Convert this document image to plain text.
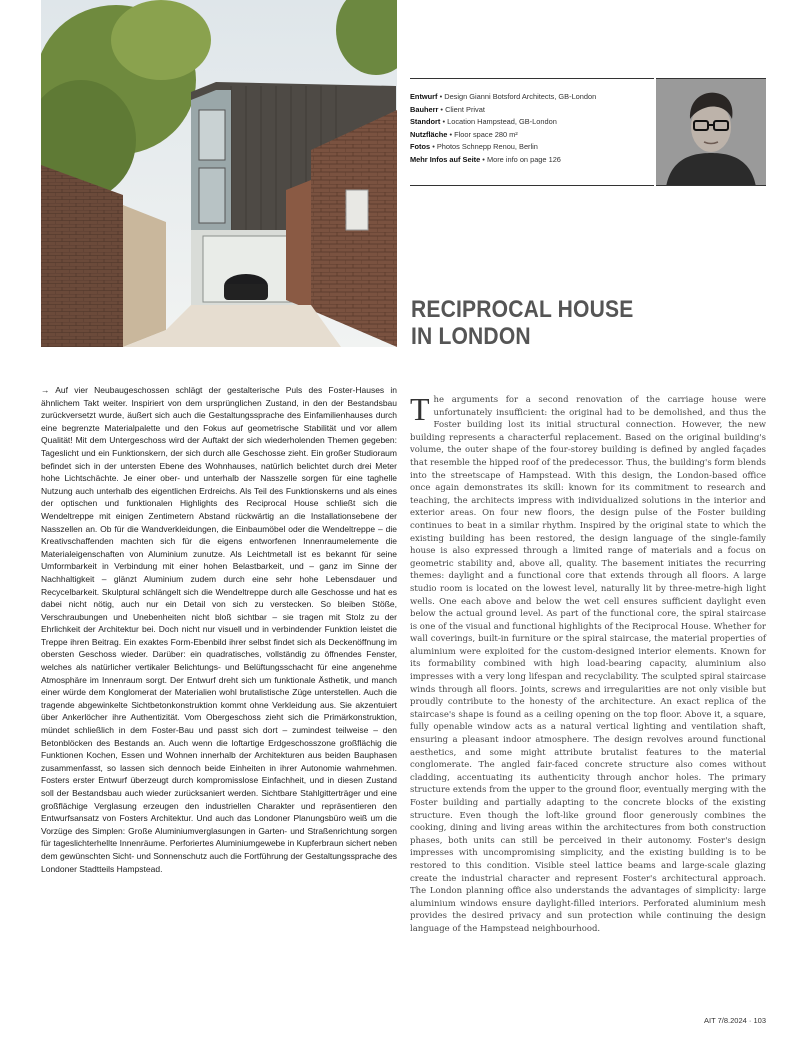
Entwurf • Design Gianni Botsford Architects, GB-London
Bauherr • Client Privat
Standort • Location Hampstead, GB-London
Nutzfläche • Floor space 280 m²
Fotos • Photos Schnepp Renou, Berlin
Mehr Infos auf Seite • More info on page 126
RECIPROCAL HOUSE
IN LONDON
→ Auf vier Neubaugeschossen schlägt der gestalterische Puls des Foster-Hauses in ähnlichem Takt weiter. Inspiriert von dem ursprünglichen Zustand, in den der Bestandsbau zurückversetzt wurde, äußert sich auch die Gestaltungssprache des Einfamilienhauses durch eine begrenzte Materialpalette und den Fokus auf geometrische Stabilität und vor allem Qualität! Mit dem Untergeschoss wird der Auftakt der sich wiederholenden Themen gegeben: Tageslicht und ein Funktionskern, der sich durch alle Geschosse zieht. Ein großer Studioraum befindet sich in der untersten Ebene des Wohnhauses, natürlich belichtet durch drei Meter hohe Lichtschächte. Je einer ober- und unterhalb der Nasszelle sorgen für eine taghelle Nutzung auch unterhalb des eigentlichen Erdreichs. Als Teil des Funktionskerns und als eines der optischen und funktionalen Highlights des Reciprocal House schließt sich die Wendeltreppe mit einigen Zentimetern Abstand rückwärtig an die Installationsebene der Nasszellen an. Ob für die Wandverkleidungen, die Einbaumöbel oder die Wendeltreppe – die Kreativschaffenden machten sich für die eigens entworfenen Innenraumelemente die Materialeigenschaften von Aluminium zunutze. Als Leichtmetall ist es bekannt für seine Umformbarkeit in Verbindung mit einer hohen Belastbarkeit, und – ganz im Sinne der Nachhaltigkeit – glänzt Aluminium zudem durch eine sehr hohe Lebensdauer und Recycelbarkeit. Skulptural schlängelt sich die Wendeltreppe durch alle Geschosse und hat es dabei nicht nötig, auch nur ein Detail von sich zu verstecken. So bleiben Stöße, Verschraubungen und Unebenheiten nicht bloß sichtbar – sie tragen mit Stolz zu der Ehrlichkeit der Architektur bei. Doch nicht nur visuell und in verbindender Funktion leistet die Treppe ihren Beitrag. Ein exaktes Form-Ebenbild ihrer selbst findet sich als Deckenöffnung im obersten Geschoss wieder. Darüber: ein quadratisches, vollständig zu öffnendes Fenster, welches als natürlicher vertikaler Belichtungs- und Belüftungsschacht für eine angenehme Atmosphäre im Innenraum sorgt. Der Entwurf dreht sich um funktionale Ästhetik, und manch einer würde dem Konglomerat der Materialien wohl brutalistische Züge unterstellen. Auch die tragende abgewinkelte Sichtbetonkonstruktion kommt ohne Verkleidung aus. Sie akzentuiert über Ankerlöcher ihre Authentizität. Vom Obergeschoss zieht sich die Primärkonstruktion, mündet schließlich in dem Foster-Bau und passt sich dort – zumindest teilweise – den Betonblöcken des Bestands an. Auch wenn die loftartige Erdgeschosszone großflächig die Funktionen Kochen, Essen und Wohnen innerhalb der Architekturen aus beiden Bauphasen zusammenfasst, so lassen sich dennoch beide Einheiten in ihrer Autonomie wahrnehmen. Fosters erster Entwurf überzeugt durch kompromisslose Einfachheit, und in diesen Zustand soll der Bestandsbau auch wieder zurücksaniert werden. Sichtbare Stahlgitterträger und eine großflächige Verglasung erzeugen den industriellen Charakter und repräsentieren den Entwurfsansatz von Fosters Architektur. Und auch das Londoner Planungsbüro weiß um die Vorzüge des Simplen: Große Aluminiumverglasungen in Garten- und Straßenrichtung sorgen für tageslichterhellte Innenräume. Perforiertes Aluminiumgewebe in Kupferbraun sichert neben dem gewünschten Sicht- und Sonnenschutz auch die Fortführung der Gestaltungssprache des Londoner Stadtteils Hampstead.
T he arguments for a second renovation of the carriage house were unfortunately insufficient: the original had to be demolished, and thus the Foster building lost its initial structural connection. However, the new building represents a characterful replacement. Based on the original building's volume, the outer shape of the four-storey building is defined by angled façades that resemble the hipped roof of the predecessor. Thus, the building's form blends into the streetscape of Hampstead. With this design, the London-based office once again demonstrates its skill: known for its commitment to research and teaching, the architects impress with individualized solutions in the interior and exterior areas. On four new floors, the design pulse of the Foster building continues to beat in a similar rhythm. Inspired by the original state to which the existing building has been restored, the design language of the single-family house is also expressed through a limited range of materials and a focus on geometric stability and, above all, quality. The basement initiates the recurring themes: daylight and a functional core that extends through all floors. A large studio room is located on the lowest level, naturally lit by three-metre-high light wells. One each above and below the wet cell ensures sufficient daylight even below the actual ground level. As part of the functional core, the spiral staircase is one of the visual and functional highlights of the Reciprocal House. Whether for wall coverings, built-in furniture or the spiral staircase, the material properties of aluminium were exploited for the custom-designed interior elements. Known for its formability combined with high load-bearing capacity, aluminium also impresses with a very long lifespan and recyclability. The sculpted spiral staircase winds through all floors. Joints, screws and irregularities are not only visible but proudly contribute to the honesty of the architecture. An exact replica of the staircase's shape is found as a ceiling opening on the top floor. Above it, a square, fully openable window acts as a natural vertical lighting and ventilation shaft, ensuring a pleasant indoor atmosphere. The design revolves around functional aesthetics, and some might attribute brutalist features to the material conglomerate. The angled fair-faced concrete structure also comes without cladding, accentuating its authenticity through anchor holes. The primary structure extends from the upper to the ground floor, eventually merging with the Foster building and partially adapting to the concrete blocks of the existing structure. Even though the loft-like ground floor generously combines the cooking, dining and living areas within the architectures from both construction phases, both units can still be perceived in their autonomy. Foster's design impresses with uncompromising simplicity, and the existing building is to be restored to this condition. Visible steel lattice beams and large-scale glazing create the industrial character and represent Foster's architectural approach. The London planning office also understands the advantages of simplicity: large aluminium windows ensure daylight-filled interiors. Perforated aluminium mesh provides the desired privacy and sun protection while continuing the design language of the Hampstead neighbourhood.
AIT 7/8.2024 · 103
